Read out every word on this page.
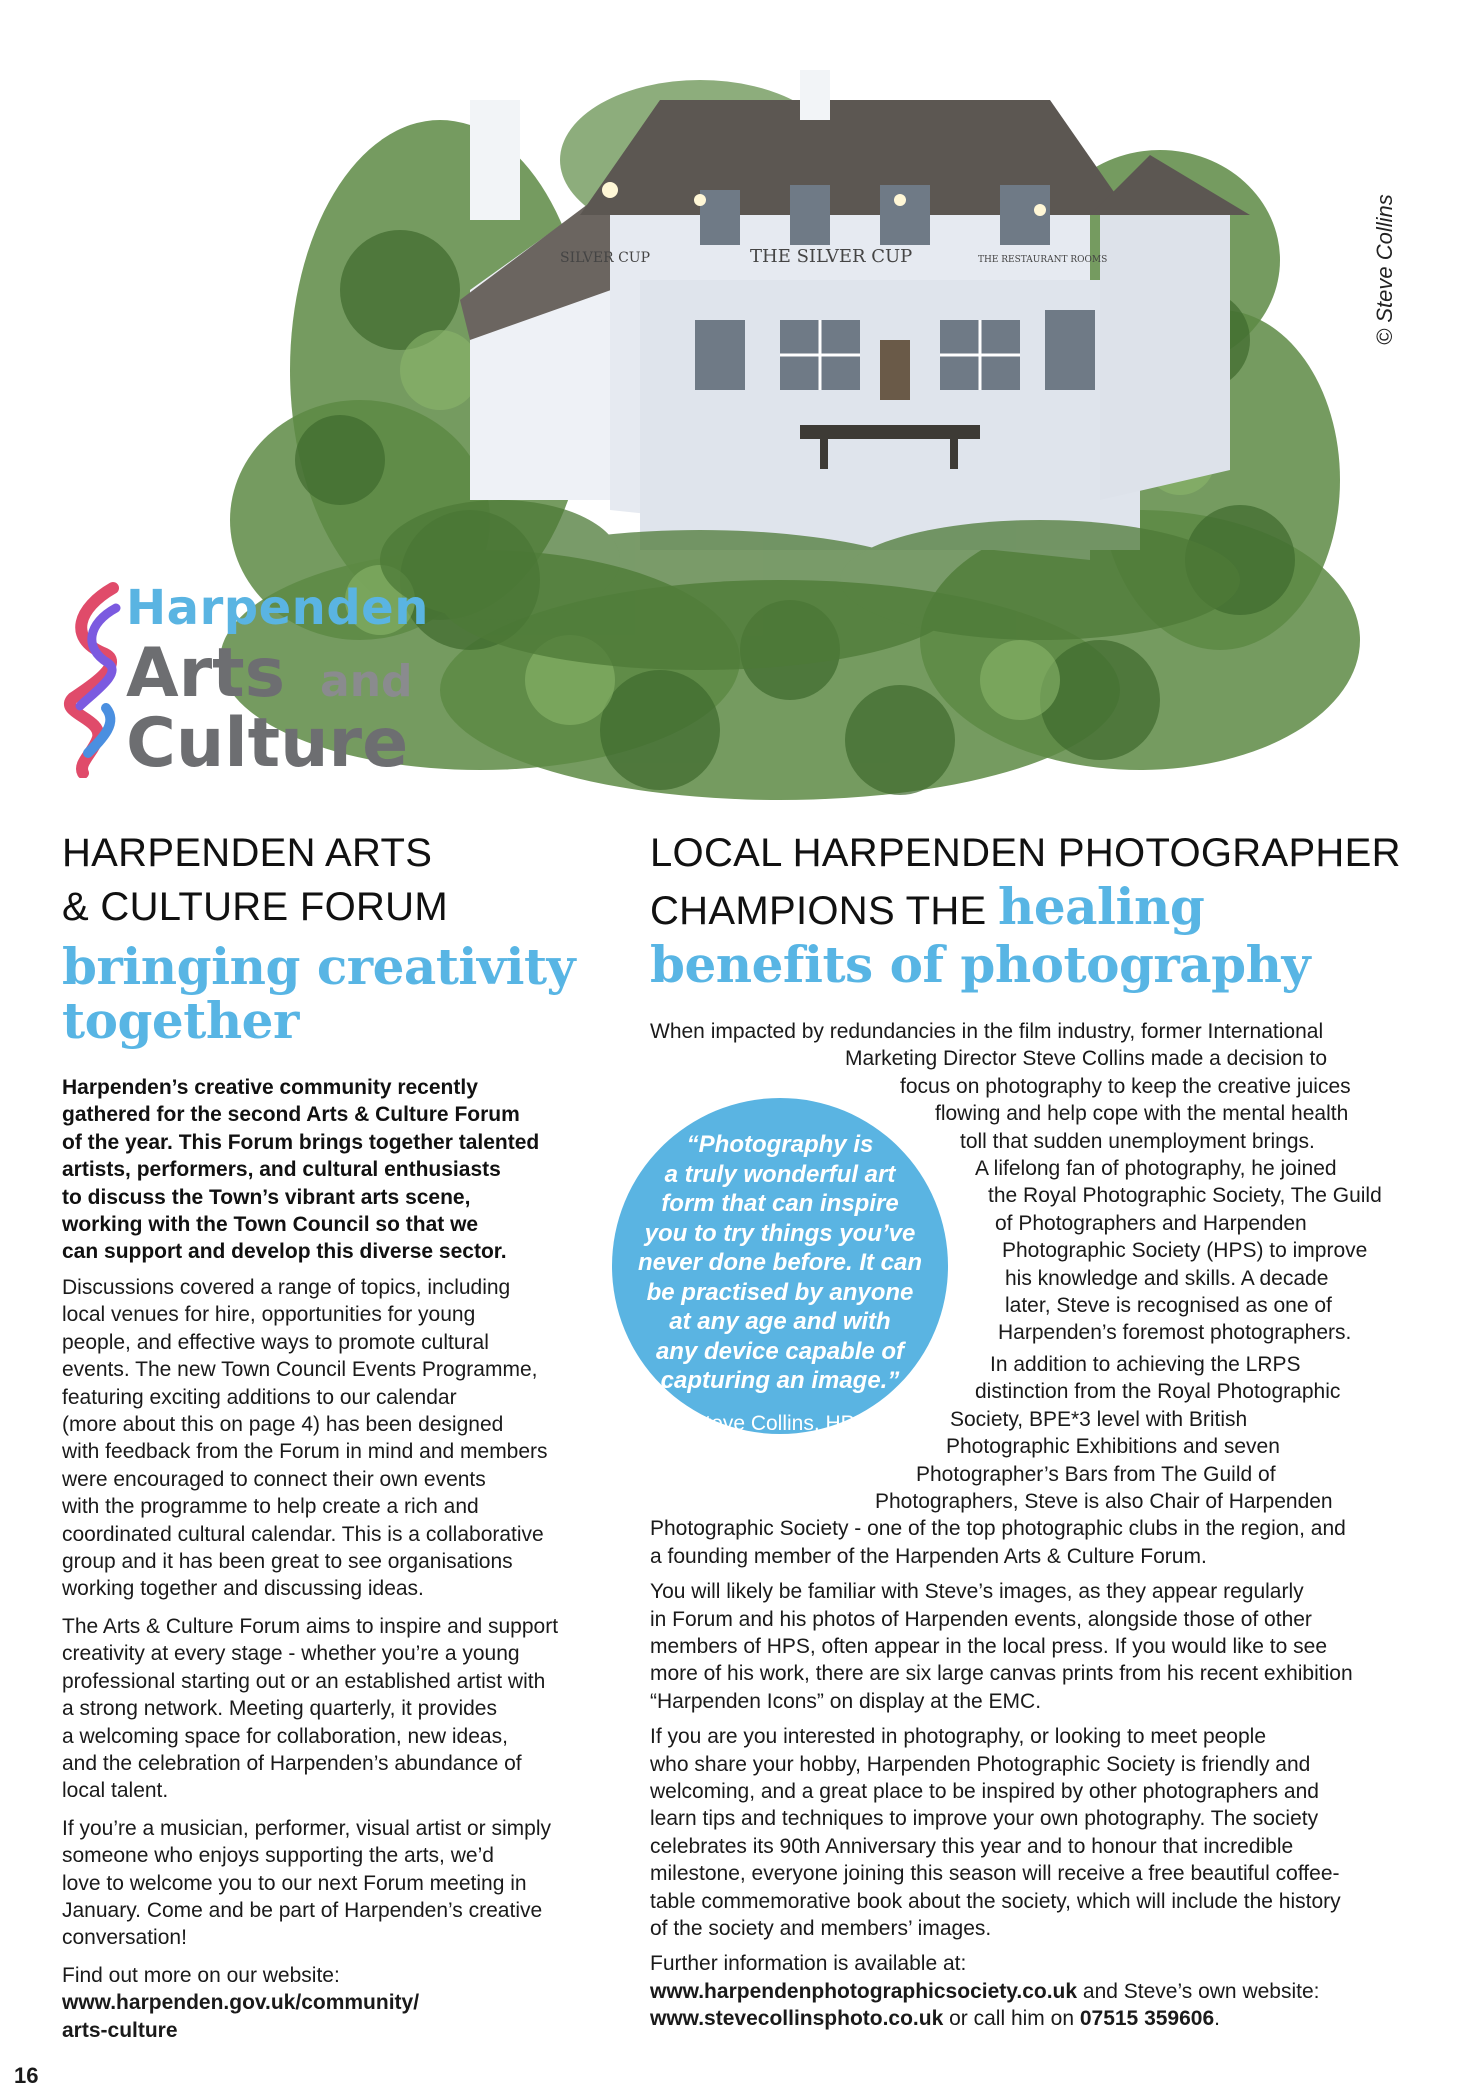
THE SILVER CUP
SILVER CUP	THE RESTAURANT ROOMS	© Steve Collins
Harpenden
Arts and
Culture
HARPENDEN ARTS
& CULTURE FORUM
bringing creativity
together
Harpenden’s creative community recently
gathered for the second Arts & Culture Forum
of the year. This Forum brings together talented
artists, performers, and cultural enthusiasts
to discuss the Town’s vibrant arts scene,
working with the Town Council so that we
can support and develop this diverse sector.

Discussions covered a range of topics, including
local venues for hire, opportunities for young
people, and effective ways to promote cultural
events. The new Town Council Events Programme,
featuring exciting additions to our calendar
(more about this on page 4) has been designed
with feedback from the Forum in mind and members
were encouraged to connect their own events
with the programme to help create a rich and
coordinated cultural calendar. This is a collaborative
group and it has been great to see organisations
working together and discussing ideas.

The Arts & Culture Forum aims to inspire and support
creativity at every stage - whether you’re a young
professional starting out or an established artist with
a strong network. Meeting quarterly, it provides
a welcoming space for collaboration, new ideas,
and the celebration of Harpenden’s abundance of
local talent.

If you’re a musician, performer, visual artist or simply
someone who enjoys supporting the arts, we’d
love to welcome you to our next Forum meeting in
January. Come and be part of Harpenden’s creative
conversation!

Find out more on our website:
www.harpenden.gov.uk/community/
arts-culture

LOCAL HARPENDEN PHOTOGRAPHER
CHAMPIONS THE healing
benefits of photography
When impacted by redundancies in the film industry, former International
Marketing Director Steve Collins made a decision to
focus on photography to keep the creative juices
flowing and help cope with the mental health
toll that sudden unemployment brings.
A lifelong fan of photography, he joined
the Royal Photographic Society, The Guild
of Photographers and Harpenden
Photographic Society (HPS) to improve
his knowledge and skills. A decade
later, Steve is recognised as one of
Harpenden’s foremost photographers.
In addition to achieving the LRPS
distinction from the Royal Photographic
Society, BPE*3 level with British
Photographic Exhibitions and seven
Photographer’s Bars from The Guild of
Photographers, Steve is also Chair of Harpenden
Photographic Society - one of the top photographic clubs in the region, and
a founding member of the Harpenden Arts & Culture Forum.

You will likely be familiar with Steve’s images, as they appear regularly
in Forum and his photos of Harpenden events, alongside those of other
members of HPS, often appear in the local press. If you would like to see
more of his work, there are six large canvas prints from his recent exhibition
“Harpenden Icons” on display at the EMC.

If you are you interested in photography, or looking to meet people
who share your hobby, Harpenden Photographic Society is friendly and
welcoming, and a great place to be inspired by other photographers and
learn tips and techniques to improve your own photography. The society
celebrates its 90th Anniversary this year and to honour that incredible
milestone, everyone joining this season will receive a free beautiful coffee-
table commemorative book about the society, which will include the history
of the society and members’ images.

Further information is available at:
www.harpendenphotographicsociety.co.uk and Steve’s own website:
www.stevecollinsphoto.co.uk or call him on 07515 359606.

“Photography is
a truly wonderful art
form that can inspire
you to try things you’ve
never done before. It can
be practised by anyone
at any age and with
any device capable of
capturing an image.”
Steve Collins, HPS
16
